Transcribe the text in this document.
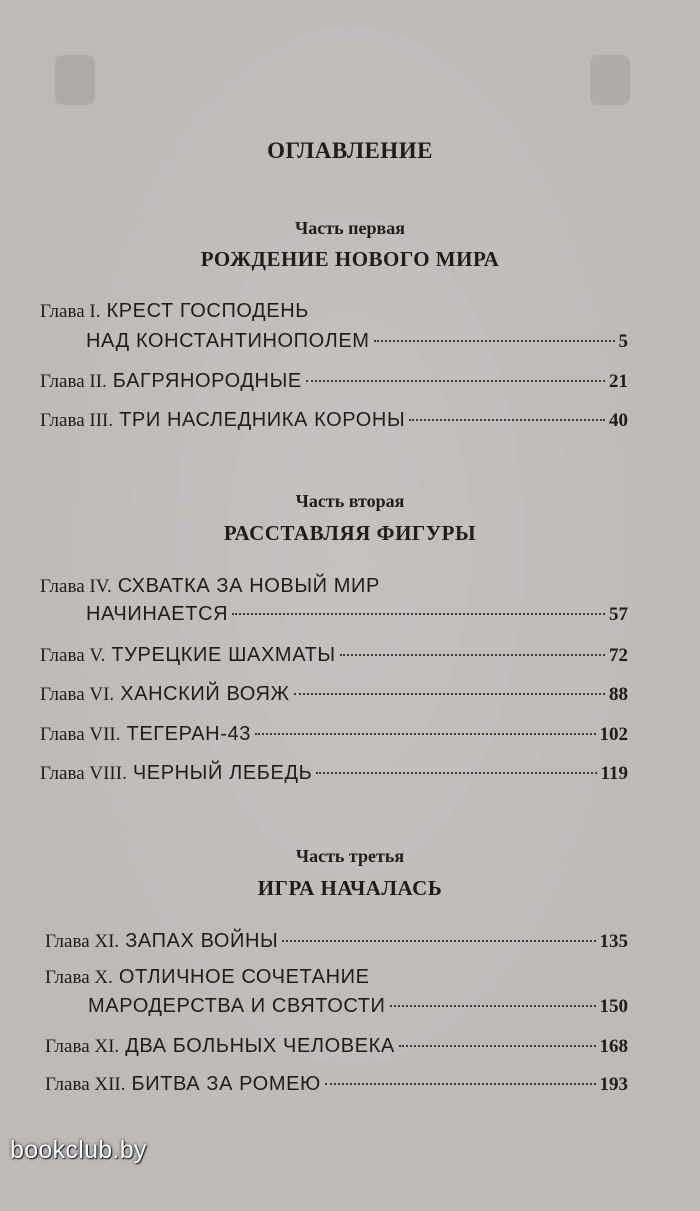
ОГЛАВЛЕНИЕ
Часть первая
РОЖДЕНИЕ НОВОГО МИРА
Глава I. КРЕСТ ГОСПОДЕНЬ
НАД КОНСТАНТИНОПОЛЕМ	5
Глава II. БАГРЯНОРОДНЫЕ	21
Глава III. ТРИ НАСЛЕДНИКА КОРОНЫ	40
Часть вторая
РАССТАВЛЯЯ ФИГУРЫ
Глава IV. СХВАТКА ЗА НОВЫЙ МИР
НАЧИНАЕТСЯ	57
Глава V. ТУРЕЦКИЕ ШАХМАТЫ	72
Глава VI. ХАНСКИЙ ВОЯЖ	88
Глава VII. ТЕГЕРАН-43	102
Глава VIII. ЧЕРНЫЙ ЛЕБЕДЬ	119
Часть третья
ИГРА НАЧАЛАСЬ
Глава XI. ЗАПАХ ВОЙНЫ	135
Глава X. ОТЛИЧНОЕ СОЧЕТАНИЕ
МАРОДЕРСТВА И СВЯТОСТИ	150
Глава XI. ДВА БОЛЬНЫХ ЧЕЛОВЕКА	168
Глава XII. БИТВА ЗА РОМЕЮ	193
bookclub.by
